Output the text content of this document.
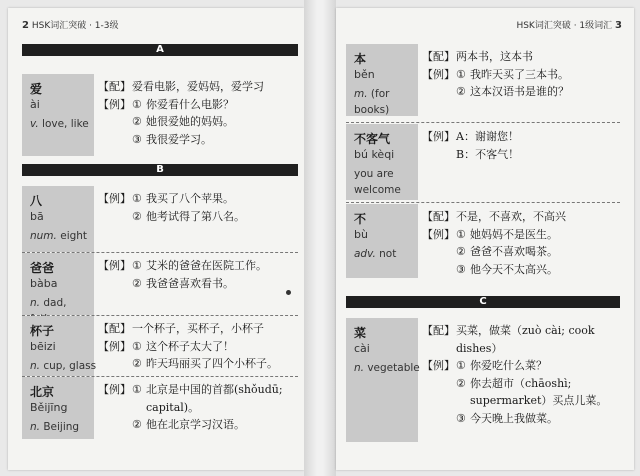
2 HSK词汇突破 · 1-3级
A
爱
ài
v. love, like
【配】爱看电影，爱妈妈，爱学习
【例】① 你爱看什么电影？
② 她很爱她的妈妈。
③ 我很爱学习。
B
八
bā
num. eight
【例】① 我买了八个苹果。
② 他考试得了第八名。
爸爸
bàba
n. dad,
【例】① 艾米的爸爸在医院工作。
② 我爸爸喜欢看书。
杯子
bēizi
n. cup, glass
【配】一个杯子，买杯子，小杯子
【例】① 这个杯子太大了！
② 昨天玛丽买了四个小杯子。
北京
Běijīng
n. Beijing
【例】① 北京是中国的首都(shǒudū;
capital)。
② 他在北京学习汉语。
HSK词汇突破 · 1级词汇 3
本
běn
m. (for
books)
【配】两本书，这本书
【例】① 我昨天买了三本书。
② 这本汉语书是谁的？
不客气
bú kèqi
you are
welcome
【例】A：谢谢您！
B：不客气！
不
bù
adv. not
【配】不是，不喜欢，不高兴
【例】① 她妈妈不是医生。
② 爸爸不喜欢喝茶。
③ 他今天不太高兴。
C
菜
cài
n. vegetable
【配】买菜，做菜（zuò cài; cook
dishes）
【例】① 你爱吃什么菜？
② 你去超市（chāoshì;
supermarket）买点儿菜。
③ 今天晚上我做菜。
